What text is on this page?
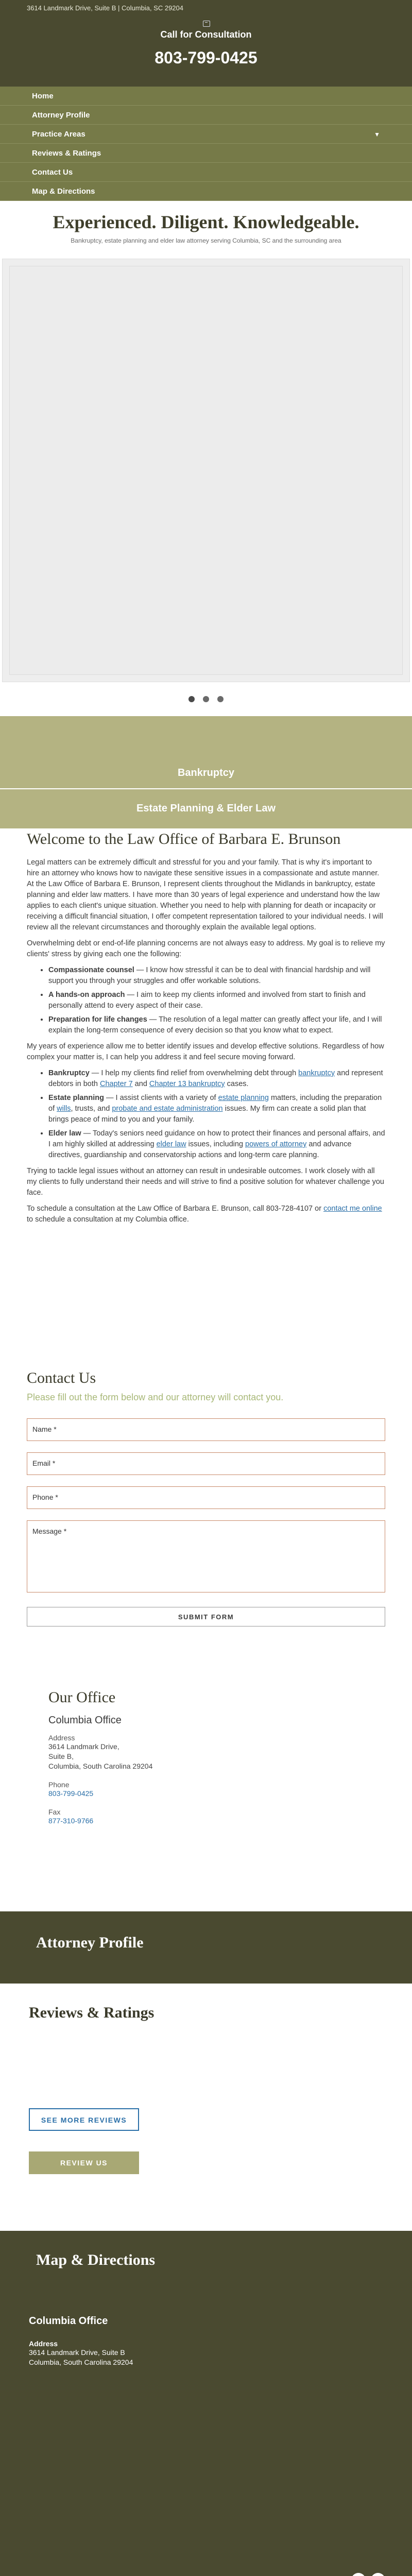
3614 Landmark Drive, Suite B | Columbia, SC 29204
Call for Consultation
803-799-0425
Home
Attorney Profile
Practice Areas	▼
Reviews & Ratings
Contact Us
Map & Directions
Experienced. Diligent. Knowledgeable.
Bankruptcy, estate planning and elder law attorney serving Columbia, SC and the surrounding area

Bankruptcy
Estate Planning & Elder Law
Welcome to the Law Office of Barbara E. Brunson

Legal matters can be extremely difficult and stressful for you and your family. That is why it's important to hire an attorney who knows how to navigate these sensitive issues in a compassionate and astute manner. At the Law Office of Barbara E. Brunson, I represent clients throughout the Midlands in bankruptcy, estate planning and elder law matters. I have more than 30 years of legal experience and understand how the law applies to each client's unique situation. Whether you need to help with planning for death or incapacity or receiving a difficult financial situation, I offer competent representation tailored to your individual needs. I will review all the relevant circumstances and thoroughly explain the available legal options.

Overwhelming debt or end-of-life planning concerns are not always easy to address. My goal is to relieve my clients' stress by giving each one the following:

• Compassionate counsel — I know how stressful it can be to deal with financial hardship and will support you through your struggles and offer workable solutions.
• A hands-on approach — I aim to keep my clients informed and involved from start to finish and personally attend to every aspect of their case.
• Preparation for life changes — The resolution of a legal matter can greatly affect your life, and I will explain the long-term consequence of every decision so that you know what to expect.

My years of experience allow me to better identify issues and develop effective solutions. Regardless of how complex your matter is, I can help you address it and feel secure moving forward.

• Bankruptcy — I help my clients find relief from overwhelming debt through bankruptcy and represent debtors in both Chapter 7 and Chapter 13 bankruptcy cases.
• Estate planning — I assist clients with a variety of estate planning matters, including the preparation of wills, trusts, and probate and estate administration issues. My firm can create a solid plan that brings peace of mind to you and your family.
• Elder law — Today's seniors need guidance on how to protect their finances and personal affairs, and I am highly skilled at addressing elder law issues, including powers of attorney and advance directives, guardianship and conservatorship actions and long-term care planning.

Trying to tackle legal issues without an attorney can result in undesirable outcomes. I work closely with all my clients to fully understand their needs and will strive to find a positive solution for whatever challenge you face.

To schedule a consultation at the Law Office of Barbara E. Brunson, call 803-728-4107 or contact me online to schedule a consultation at my Columbia office.

Contact Us
Please fill out the form below and our attorney will contact you.
Name *
Email *
Phone *
Message *
SUBMIT FORM
Our Office
Columbia Office
Address
3614 Landmark Drive,
Suite B,
Columbia, South Carolina 29204
Phone
803-799-0425
Fax
877-310-9766
Attorney Profile
Reviews & Ratings
SEE MORE REVIEWS
REVIEW US
Map & Directions
Columbia Office
Address
3614 Landmark Drive, Suite B
Columbia, South Carolina 29204
